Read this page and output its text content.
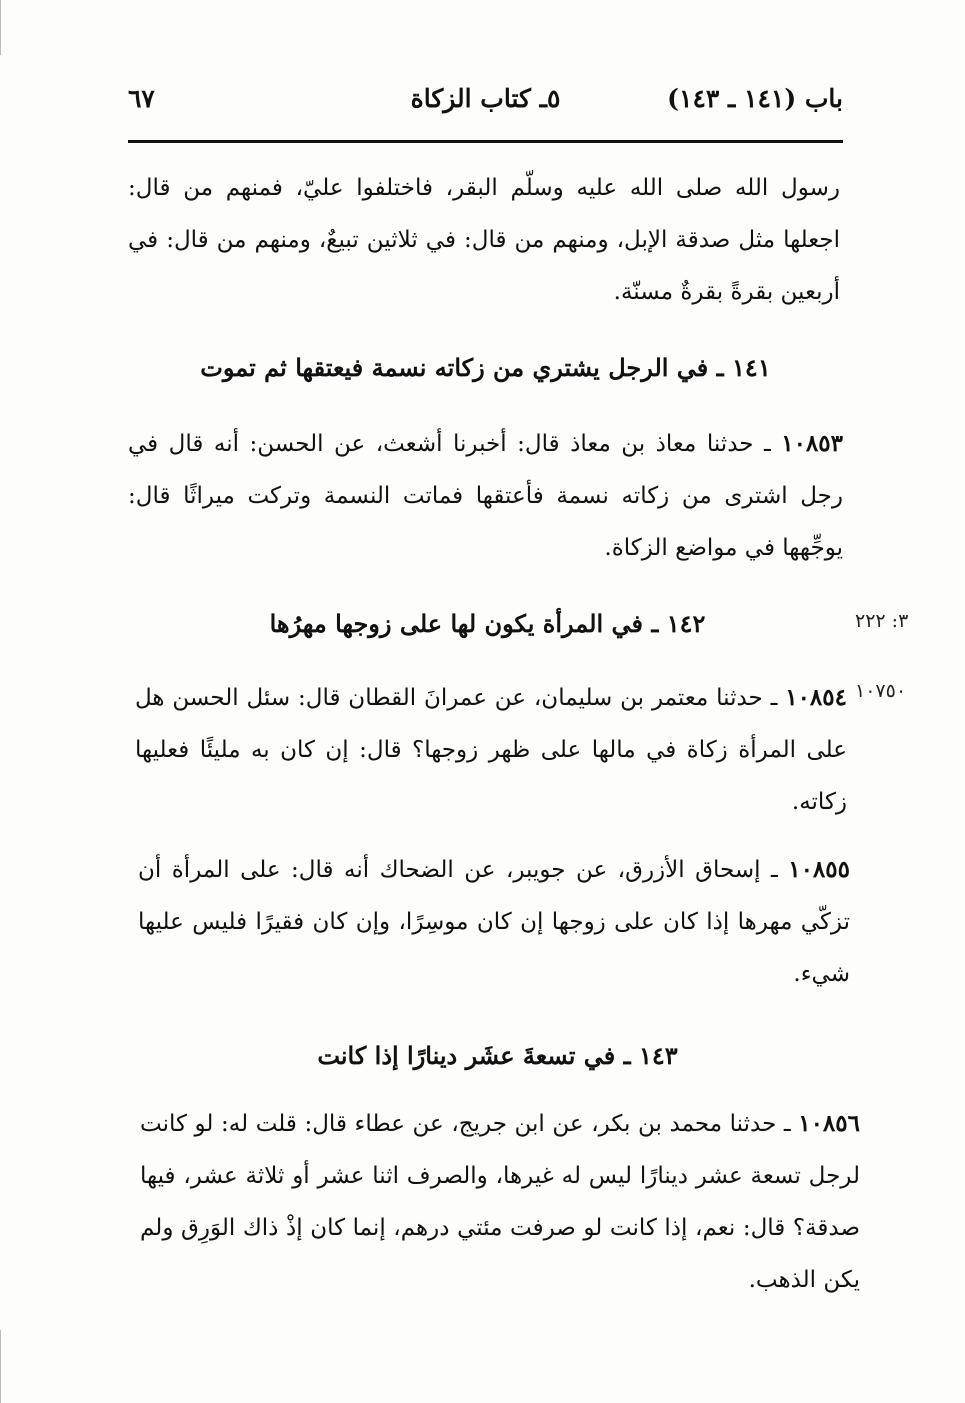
باب (١٤١ ـ ١٤٣)
٥ـ كتاب الزكاة
٦٧

رسول الله صلى الله عليه وسلّم البقر، فاختلفوا عليّ، فمنهم من قال: اجعلها مثل صدقة الإبل، ومنهم من قال: في ثلاثين تبيعٌ، ومنهم من قال: في أربعين بقرةً بقرةٌ مسنّة.

١٤١ ـ في الرجل يشتري من زكاته نسمة فيعتقها ثم تموت

١٠٨٥٣ ـ حدثنا معاذ بن معاذ قال: أخبرنا أشعث، عن الحسن: أنه قال في رجل اشترى من زكاته نسمة فأعتقها فماتت النسمة وتركت ميراثًا قال: يوجِّهها في مواضع الزكاة.

٣: ٢٢٢
١٤٢ ـ في المرأة يكون لها على زوجها مهرُها
١٠٧٥٠

١٠٨٥٤ ـ حدثنا معتمر بن سليمان، عن عمرانَ القطان قال: سئل الحسن هل على المرأة زكاة في مالها على ظهر زوجها؟ قال: إن كان به مليئًا فعليها زكاته.

١٠٨٥٥ ـ إسحاق الأزرق، عن جويبر، عن الضحاك أنه قال: على المرأة أن تزكّي مهرها إذا كان على زوجها إن كان موسِرًا، وإن كان فقيرًا فليس عليها شيء.

١٤٣ ـ في تسعةَ عشَر دينارًا إذا كانت

١٠٨٥٦ ـ حدثنا محمد بن بكر، عن ابن جريج، عن عطاء قال: قلت له: لو كانت لرجل تسعة عشر دينارًا ليس له غيرها، والصرف اثنا عشر أو ثلاثة عشر، فيها صدقة؟ قال: نعم، إذا كانت لو صرفت مئتي درهم، إنما كان إذْ ذاك الوَرِق ولم يكن الذهب.
